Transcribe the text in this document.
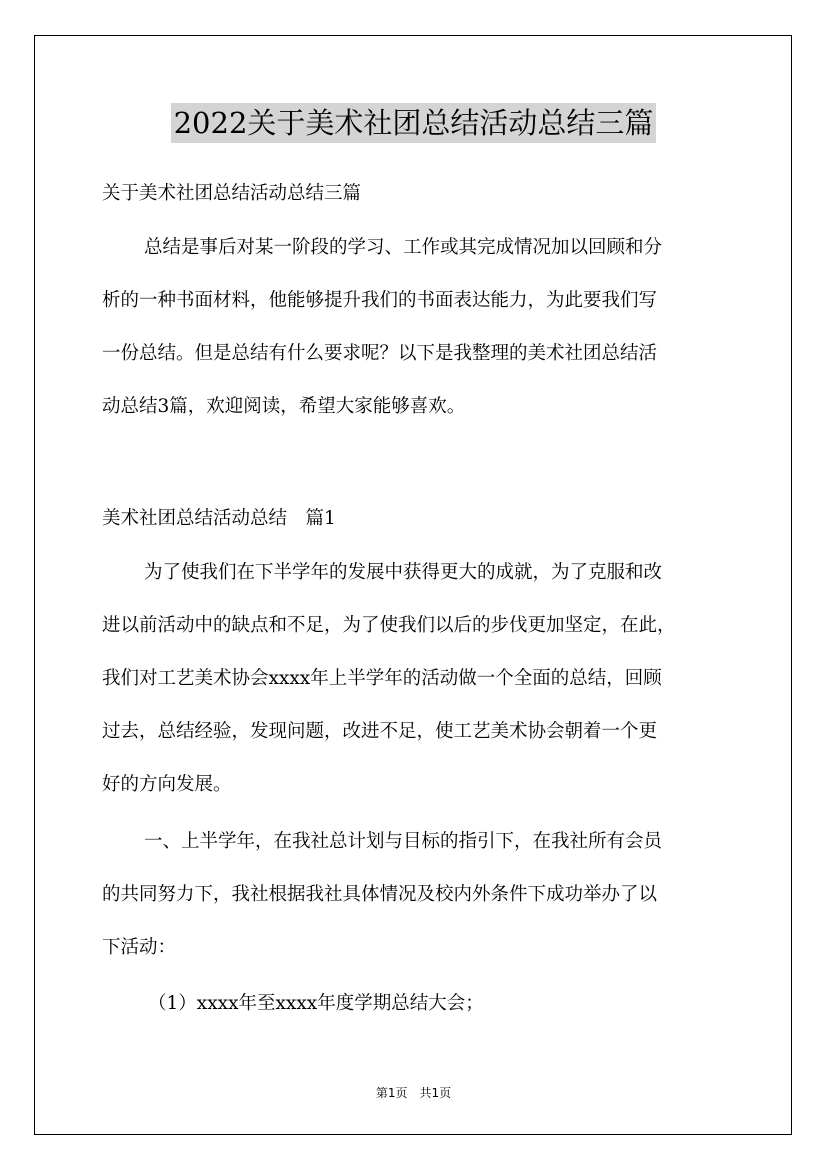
2022关于美术社团总结活动总结三篇
关于美术社团总结活动总结三篇
总结是事后对某一阶段的学习、工作或其完成情况加以回顾和分
析的一种书面材料，他能够提升我们的书面表达能力，为此要我们写
一份总结。但是总结有什么要求呢？以下是我整理的美术社团总结活
动总结3篇，欢迎阅读，希望大家能够喜欢。
美术社团总结活动总结　篇1
为了使我们在下半学年的发展中获得更大的成就，为了克服和改
进以前活动中的缺点和不足，为了使我们以后的步伐更加坚定，在此，
我们对工艺美术协会xxxx年上半学年的活动做一个全面的总结，回顾
过去，总结经验，发现问题，改进不足，使工艺美术协会朝着一个更
好的方向发展。
一、上半学年，在我社总计划与目标的指引下，在我社所有会员
的共同努力下，我社根据我社具体情况及校内外条件下成功举办了以
下活动：
（1）xxxx年至xxxx年度学期总结大会；
第1页　共1页
